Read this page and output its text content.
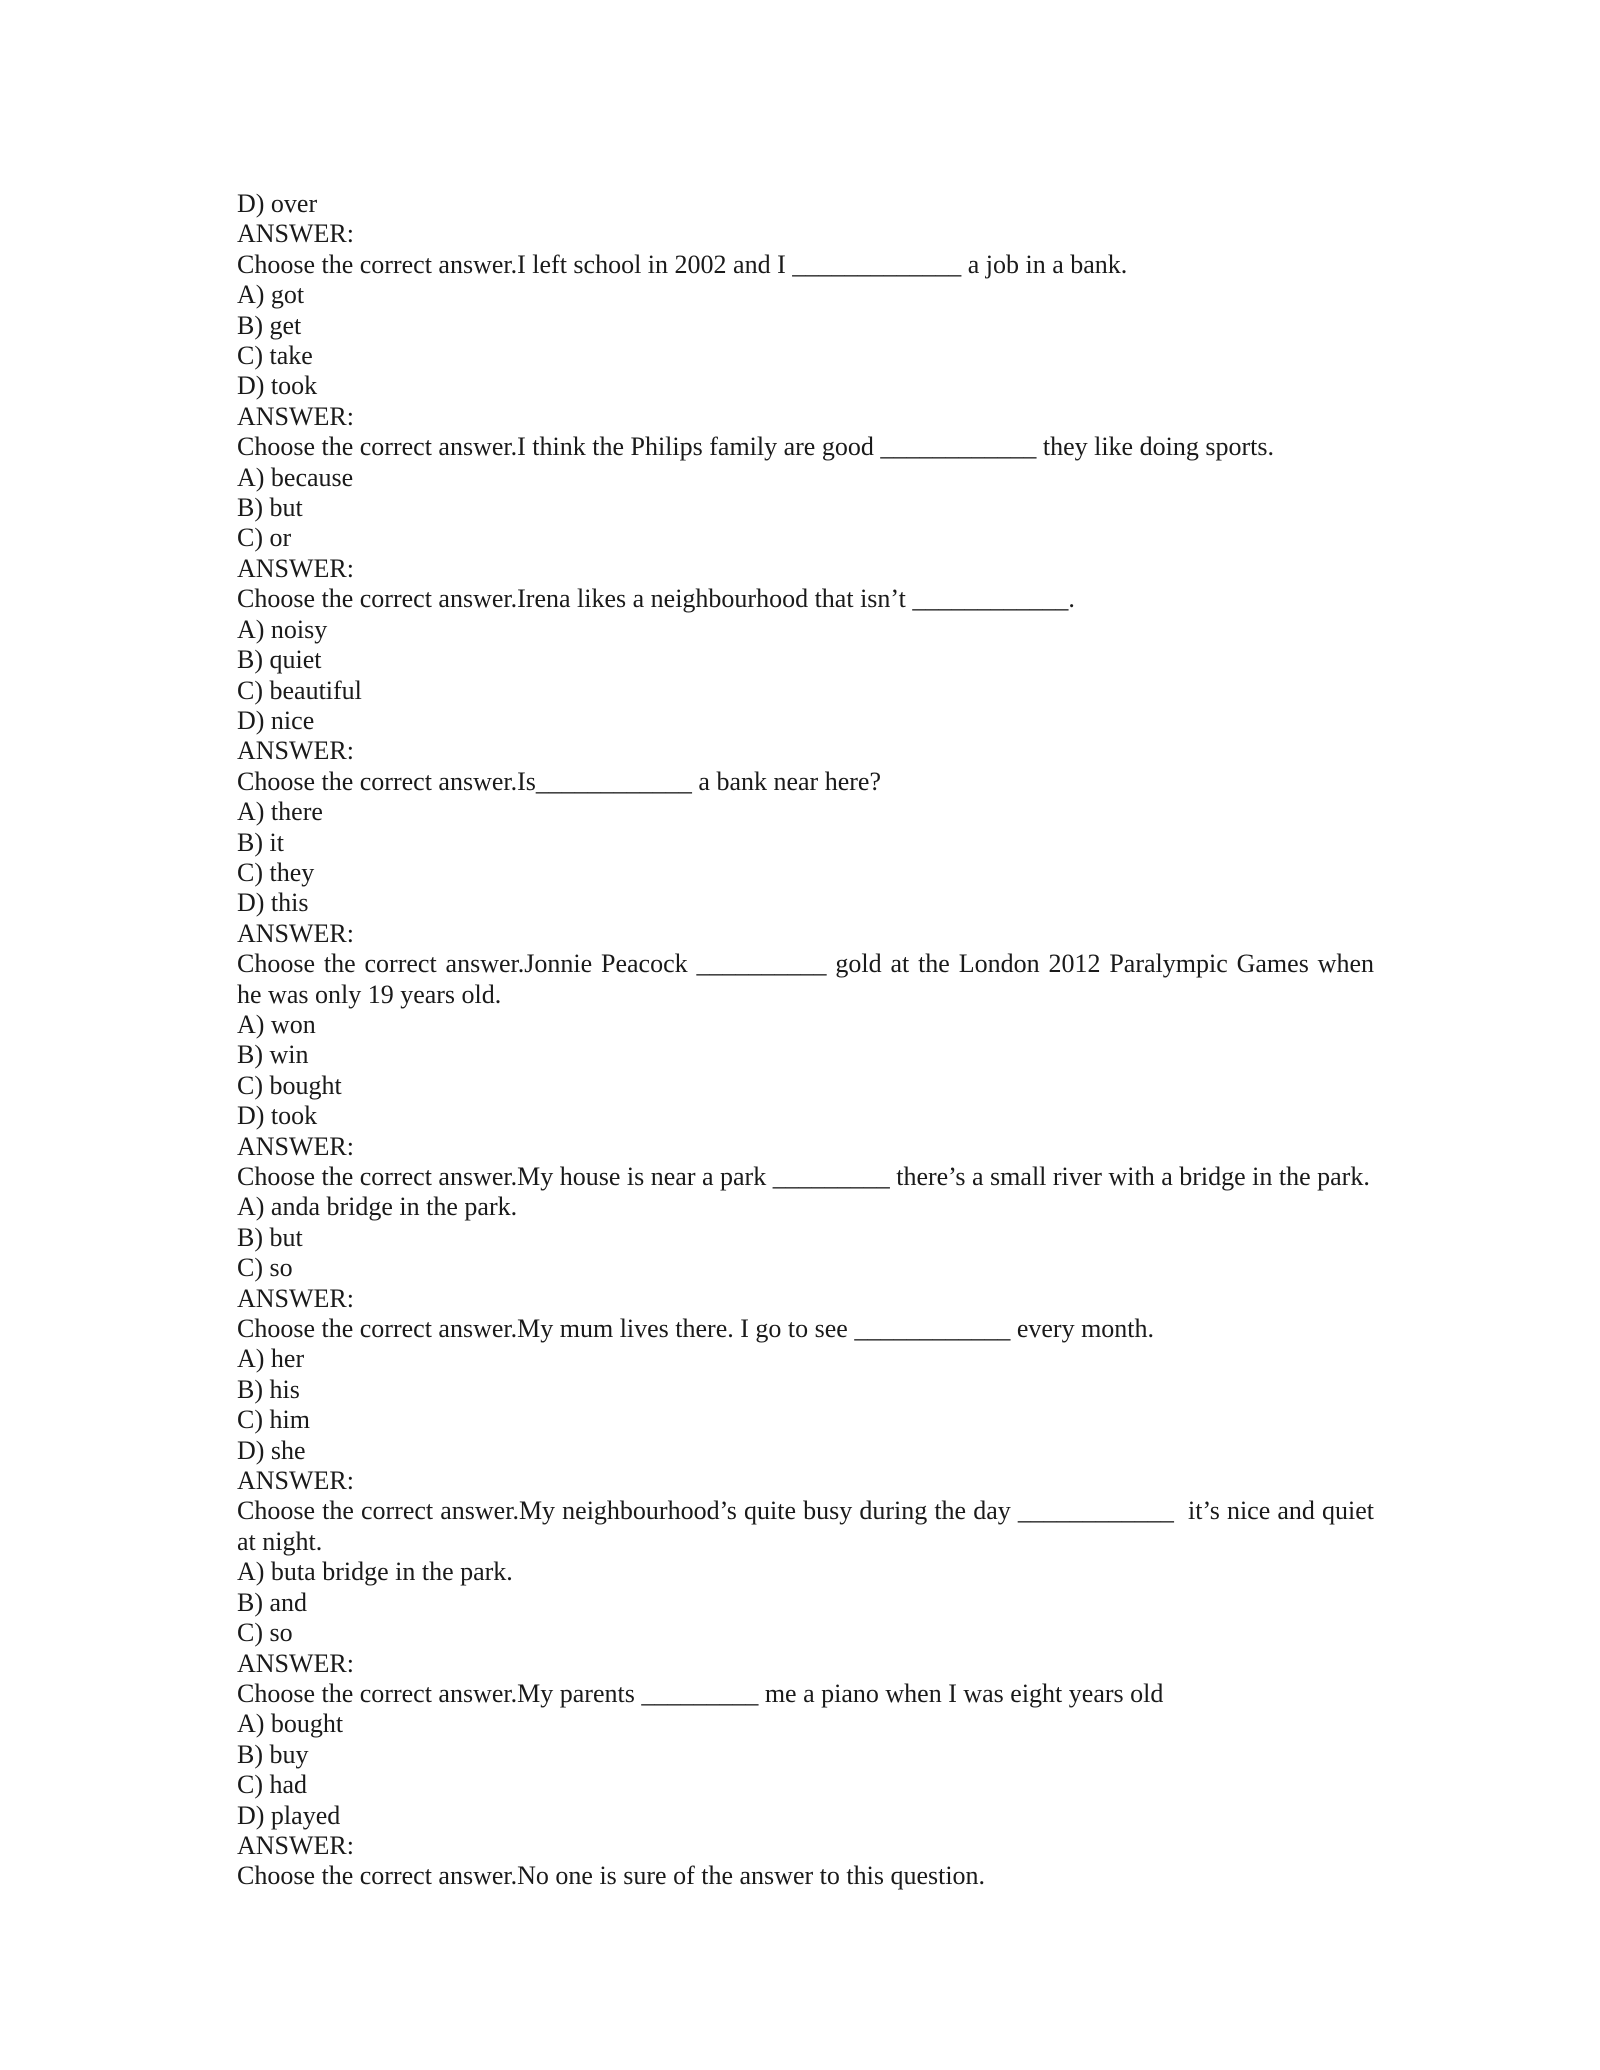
D) over
ANSWER:
Choose the correct answer.I left school in 2002 and I _____________ a job in a bank.
A) got
B) get
C) take
D) took
ANSWER:
Choose the correct answer.I think the Philips family are good ____________ they like doing sports.
A) because
B) but
C) or
ANSWER:
Choose the correct answer.Irena likes a neighbourhood that isn’t ____________.
A) noisy
B) quiet
C) beautiful
D) nice
ANSWER:
Choose the correct answer.Is____________ a bank near here?
A) there
B) it
C) they
D) this
ANSWER:
Choose the correct answer.Jonnie Peacock __________ gold at the London 2012 Paralympic Games when he was only 19 years old.
A) won
B) win
C) bought
D) took
ANSWER:
Choose the correct answer.My house is near a park _________ there’s a small river with a bridge in the park.
A) anda bridge in the park.
B) but
C) so
ANSWER:
Choose the correct answer.My mum lives there. I go to see ____________ every month.
A) her
B) his
C) him
D) she
ANSWER:
Choose the correct answer.My neighbourhood’s quite busy during the day ____________  it’s nice and quiet at night.
A) buta bridge in the park.
B) and
C) so
ANSWER:
Choose the correct answer.My parents _________ me a piano when I was eight years old
A) bought
B) buy
C) had
D) played
ANSWER:
Choose the correct answer.No one is sure of the answer to this question.
